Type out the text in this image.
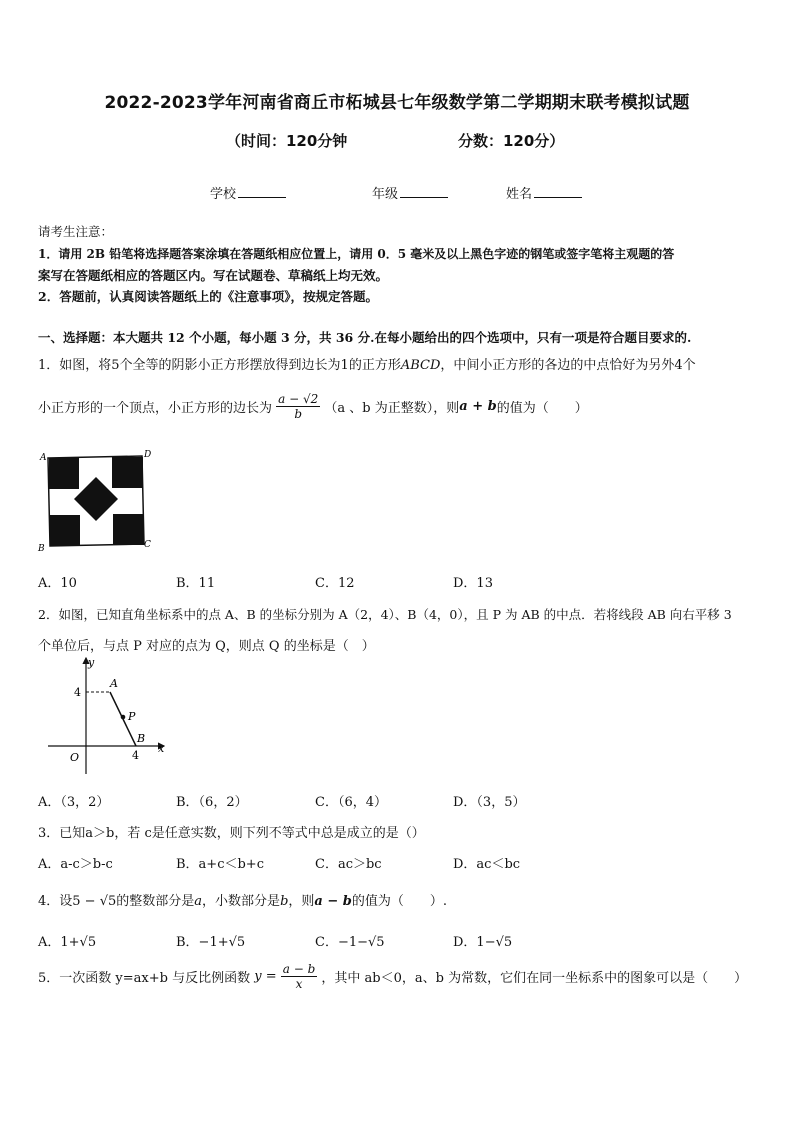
2022-2023学年河南省商丘市柘城县七年级数学第二学期期末联考模拟试题
（时间：120分钟	分数：120分）
学校	年级	姓名
请考生注意：
1．请用 2B 铅笔将选择题答案涂填在答题纸相应位置上，请用 0．5 毫米及以上黑色字迹的钢笔或签字笔将主观题的答
案写在答题纸相应的答题区内。写在试题卷、草稿纸上均无效。
2．答题前，认真阅读答题纸上的《注意事项》，按规定答题。
一、选择题：本大题共 12 个小题，每小题 3 分，共 36 分.在每小题给出的四个选项中，只有一项是符合题目要求的.
1．如图，将5个全等的阴影小正方形摆放得到边长为1的正方形ABCD，中间小正方形的各边的中点恰好为另外4个
小正方形的一个顶点，小正方形的边长为 $\frac{a - √2}{b} (a$ 、b 为正整数），则a + b的值为（　　）
A	D
B	C
A．10	B．11	C．12	D．13
2．如图，已知直角坐标系中的点 A、B 的坐标分别为 A（2，4）、B（4，0），且 P 为 AB 的中点．若将线段 AB 向右平移 3
个单位后，与点 P 对应的点为 Q，则点 Q 的坐标是（　）
y
x
O
4
4
A
P
B
A．（3，2）	B．（6，2）	C．（6，4）	D．（3，5）
3．已知a＞b，若 c是任意实数，则下列不等式中总是成立的是（）
A．a-c＞b-c	B．a+c＜b+c	C．ac＞bc	D．ac＜bc
4．设5 − √5的整数部分是a，小数部分是b，则a − b的值为（　　）.
A．1+√5	B．−1+√5	C．−1−√5	D．1−√5
5．一次函数 y=ax+b 与反比例函数 $y = \frac{a - b}{x}$ ，其中 ab＜0，a、b 为常数，它们在同一坐标系中的图象可以是（　　）
